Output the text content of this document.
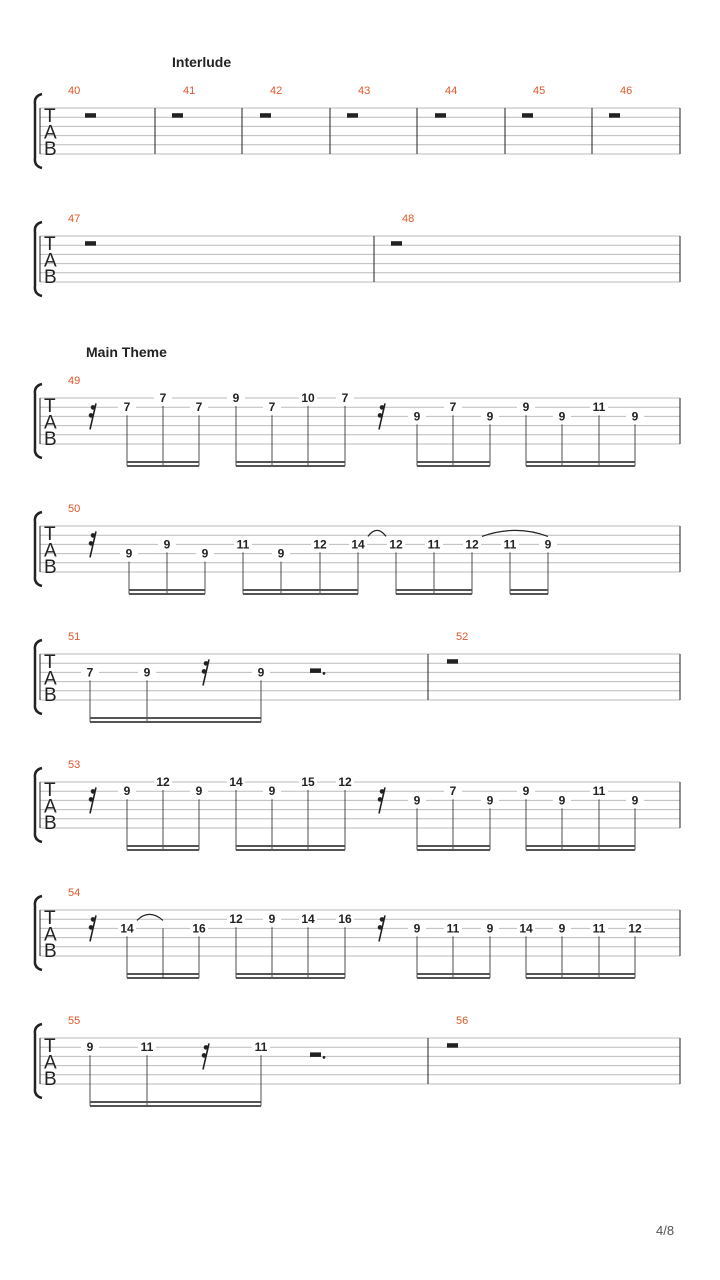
Interlude
Main Theme
T
A
B
40	41	42	43	44	45	46
T
A
B
47	48
T
A
B
49
7
7
7
9
7
10 7
9
7
9
9
9
11
9
T
A
B
50
9
9
9
11
9
12 14 12 11 12 11 9
T
A
B
51
7	9	9
52
T
A
B
53
9
12
9
14
9
15 12
9
7
9
9
9
11
9
T
A
B
54
14	16
12 9 14 16
9 11 9 14 9 11 12
T
A
B
55
9	11	11
56
4/8
